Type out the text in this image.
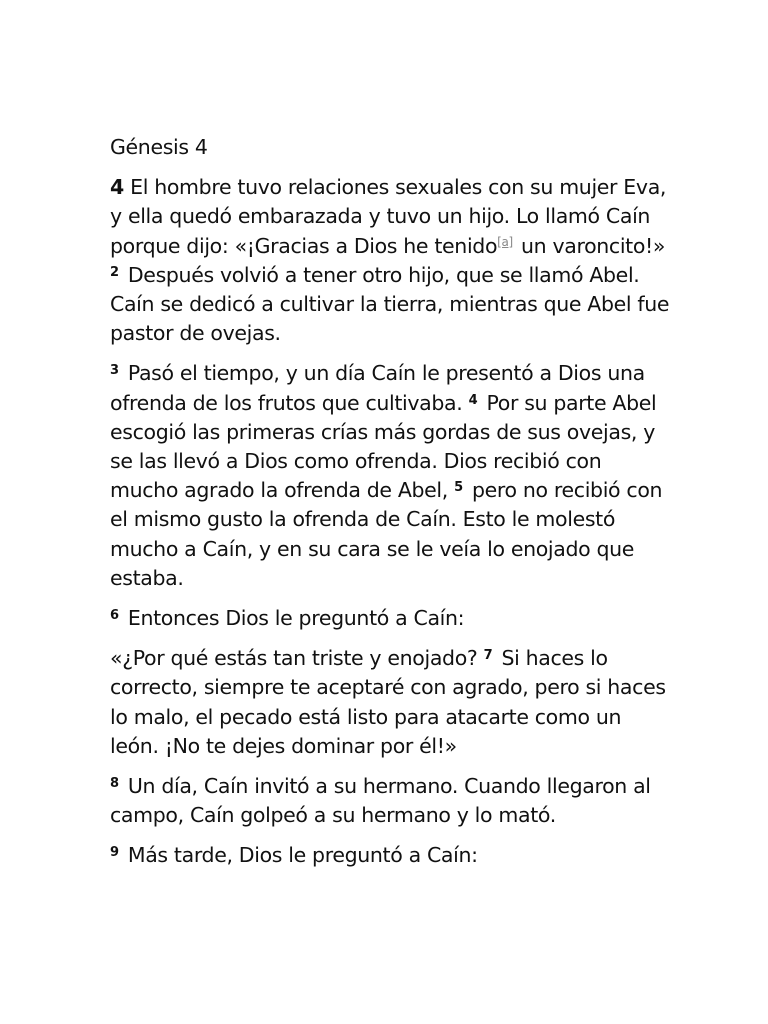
Génesis 4

4 El hombre tuvo relaciones sexuales con su mujer Eva, y ella quedó embarazada y tuvo un hijo. Lo llamó Caín porque dijo: «¡Gracias a Dios he tenido[a] un varoncito!» $^2$ Después volvió a tener otro hijo, que se llamó Abel. Caín se dedicó a cultivar la tierra, mientras que Abel fue pastor de ovejas.

$^3$ Pasó el tiempo, y un día Caín le presentó a Dios una ofrenda de los frutos que cultivaba. $^4$ Por su parte Abel escogió las primeras crías más gordas de sus ovejas, y se las llevó a Dios como ofrenda. Dios recibió con mucho agrado la ofrenda de Abel, $^5$ pero no recibió con el mismo gusto la ofrenda de Caín. Esto le molestó mucho a Caín, y en su cara se le veía lo enojado que estaba.

$^6$ Entonces Dios le preguntó a Caín:

«¿Por qué estás tan triste y enojado? $^7$ Si haces lo correcto, siempre te aceptaré con agrado, pero si haces lo malo, el pecado está listo para atacarte como un león. ¡No te dejes dominar por él!»

$^8$ Un día, Caín invitó a su hermano. Cuando llegaron al campo, Caín golpeó a su hermano y lo mató.

$^9$ Más tarde, Dios le preguntó a Caín:
